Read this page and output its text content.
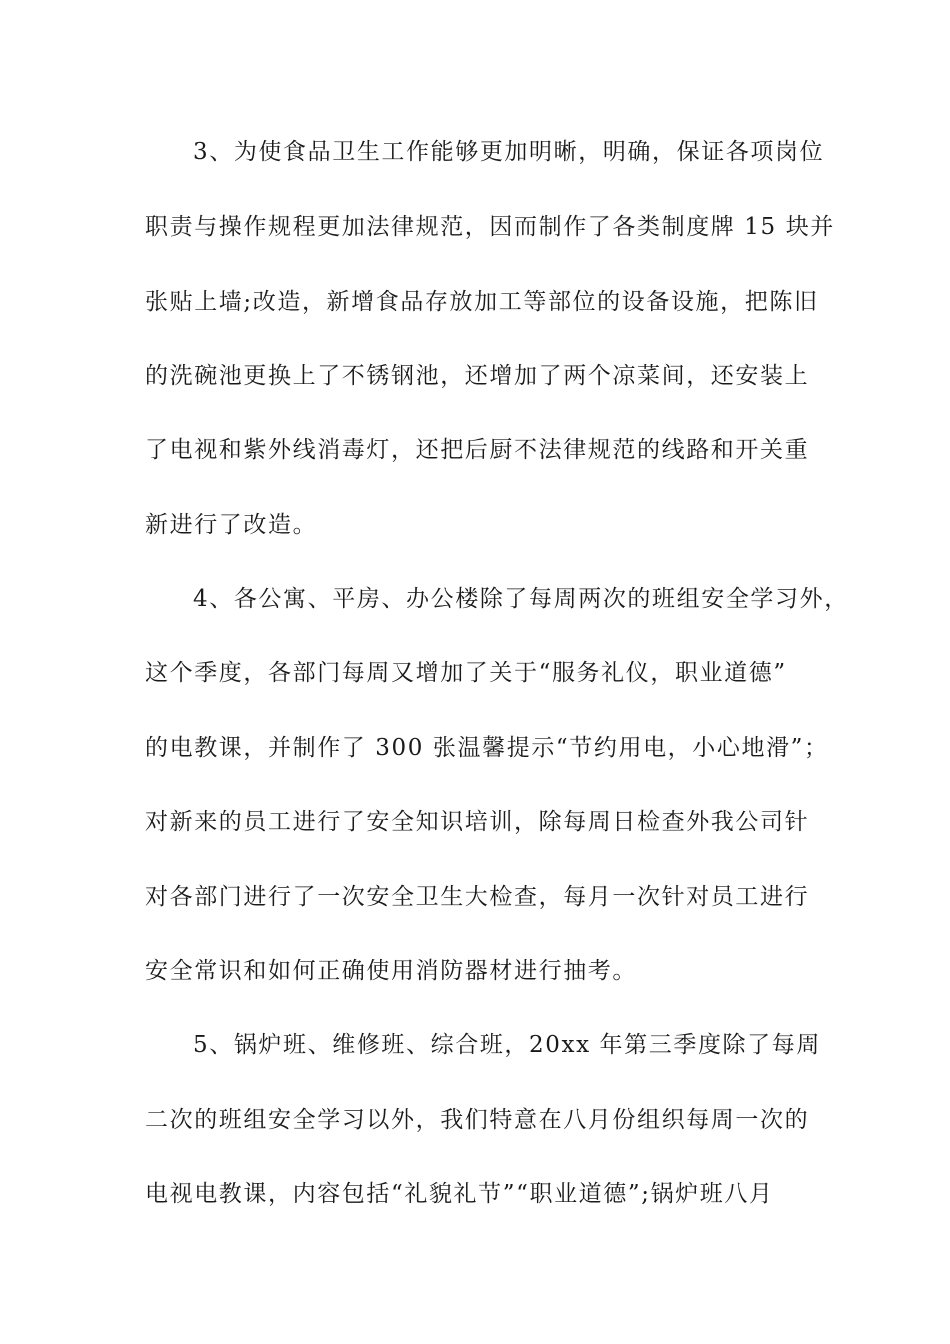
3、为使食品卫生工作能够更加明晰，明确，保证各项岗位
职责与操作规程更加法律规范，因而制作了各类制度牌 15 块并
张贴上墙;改造，新增食品存放加工等部位的设备设施，把陈旧
的洗碗池更换上了不锈钢池，还增加了两个凉菜间，还安装上
了电视和紫外线消毒灯，还把后厨不法律规范的线路和开关重
新进行了改造。
4、各公寓、平房、办公楼除了每周两次的班组安全学习外，
这个季度，各部门每周又增加了关于“服务礼仪，职业道德”
的电教课，并制作了 300 张温馨提示“节约用电，小心地滑”；
对新来的员工进行了安全知识培训，除每周日检查外我公司针
对各部门进行了一次安全卫生大检查，每月一次针对员工进行
安全常识和如何正确使用消防器材进行抽考。
5、锅炉班、维修班、综合班，20xx 年第三季度除了每周
二次的班组安全学习以外，我们特意在八月份组织每周一次的
电视电教课，内容包括“礼貌礼节”“职业道德”;锅炉班八月
